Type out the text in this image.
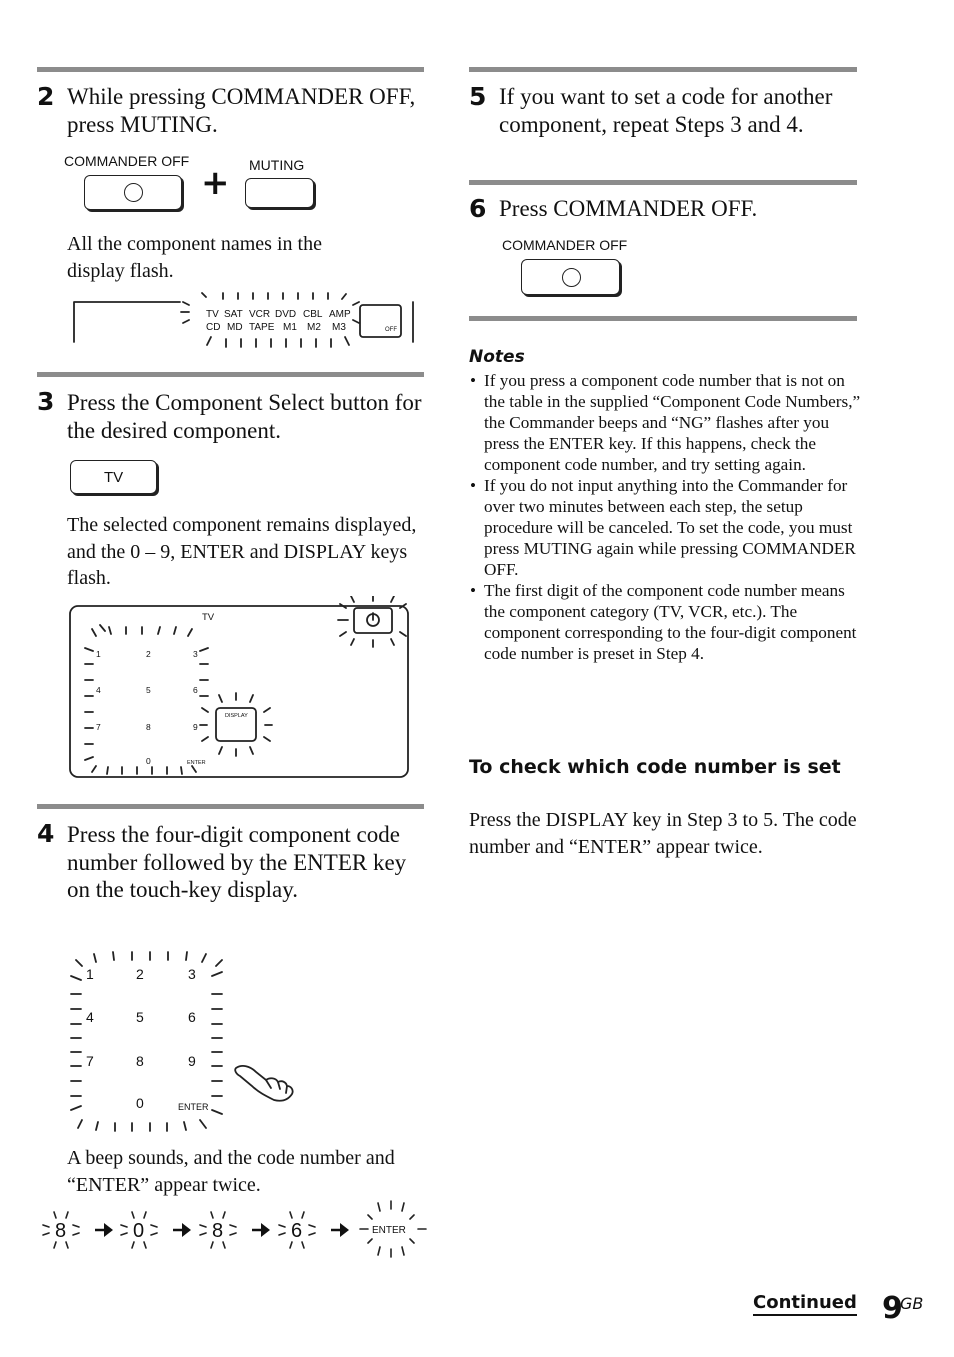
2 While pressing COMMANDER OFF, press MUTING.
COMMANDER OFF
+ MUTING
All the component names in the display flash.
TV SAT VCR DVD CBL AMP
CD MD TAPE M1 M2 M3	OFF
3 Press the Component Select button for the desired component.
TV
The selected component remains displayed, and the 0 – 9, ENTER and DISPLAY keys flash.
TV
1	2	3
4	5	6
7	8	9
0
DISPLAY
ENTER
4 Press the four-digit component code number followed by the ENTER key on the touch-key display.
1	2	3
4	5	6
7	8	9
0	ENTER
A beep sounds, and the code number and “ENTER” appear twice.
8	0	8	6	ENTER
5 If you want to set a code for another component, repeat Steps 3 and 4.
6 Press COMMANDER OFF.
COMMANDER OFF
Notes
• If you press a component code number that is not on the table in the supplied “Component Code Numbers,” the Commander beeps and “NG” flashes after you press the ENTER key. If this happens, check the component code number, and try setting again.
• If you do not input anything into the Commander for over two minutes between each step, the setup procedure will be canceled. To set the code, you must press MUTING again while pressing COMMANDER OFF.
• The first digit of the component code number means the component category (TV, VCR, etc.). The component corresponding to the four-digit component code number is preset in Step 4.
To check which code number is set
Press the DISPLAY key in Step 3 to 5. The code number and “ENTER” appear twice.
Continued 9
GB
